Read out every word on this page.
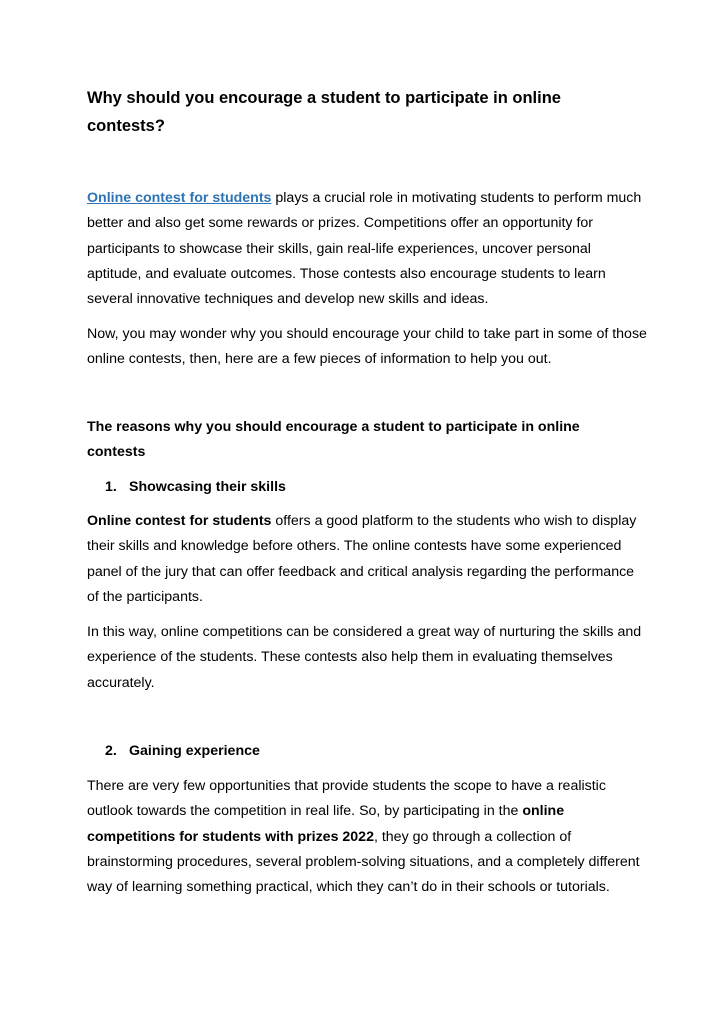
Why should you encourage a student to participate in online contests?
Online contest for students plays a crucial role in motivating students to perform much better and also get some rewards or prizes. Competitions offer an opportunity for participants to showcase their skills, gain real-life experiences, uncover personal aptitude, and evaluate outcomes. Those contests also encourage students to learn several innovative techniques and develop new skills and ideas.
Now, you may wonder why you should encourage your child to take part in some of those online contests, then, here are a few pieces of information to help you out.
The reasons why you should encourage a student to participate in online contests
1. Showcasing their skills
Online contest for students offers a good platform to the students who wish to display their skills and knowledge before others. The online contests have some experienced panel of the jury that can offer feedback and critical analysis regarding the performance of the participants.
In this way, online competitions can be considered a great way of nurturing the skills and experience of the students. These contests also help them in evaluating themselves accurately.
2. Gaining experience
There are very few opportunities that provide students the scope to have a realistic outlook towards the competition in real life. So, by participating in the online competitions for students with prizes 2022, they go through a collection of brainstorming procedures, several problem-solving situations, and a completely different way of learning something practical, which they can’t do in their schools or tutorials.
